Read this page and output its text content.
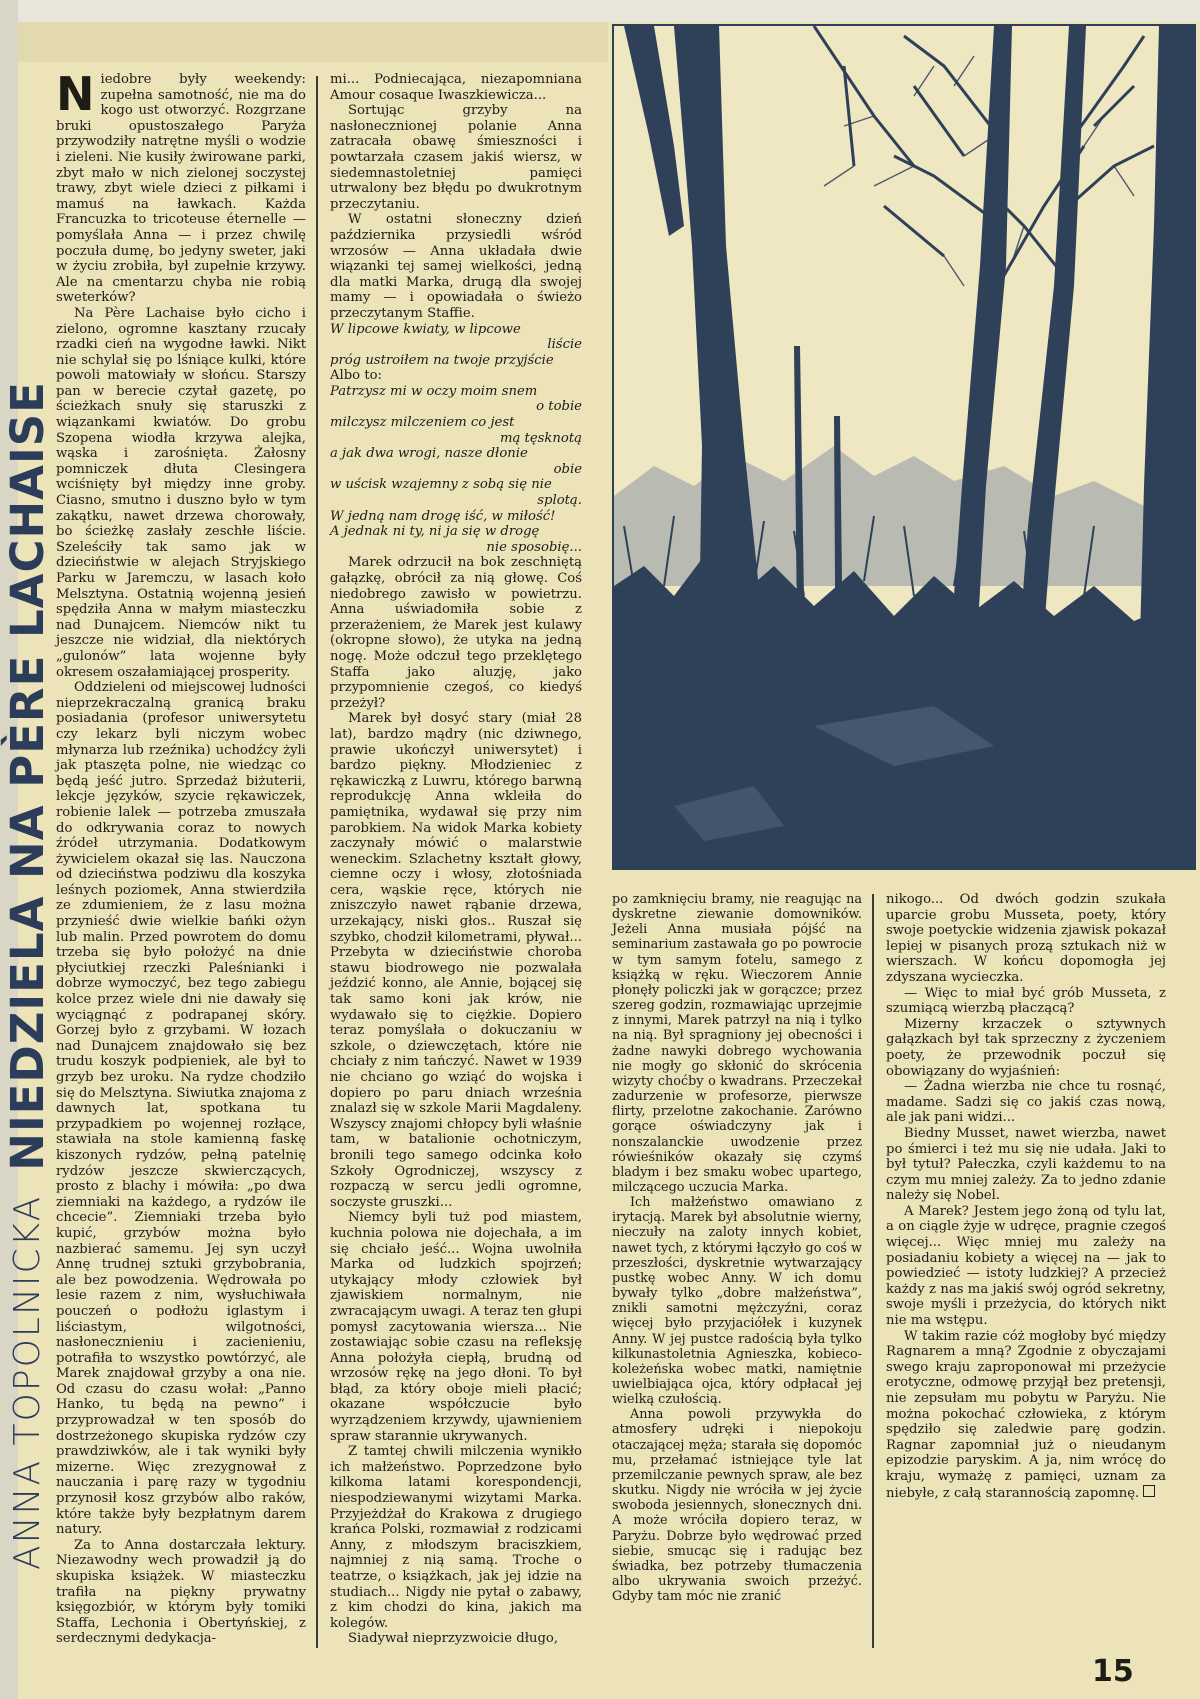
ANNA TOPOLNICKA
NIEDZIELA NA PÈRE LACHAISE

Niedobre były weekendy: zupełna samotność, nie ma do kogo ust otworzyć. Rozgrzane bruki opustoszałego Paryża przywodziły natrętne myśli o wodzie i zieleni. Nie kusiły żwirowane parki, zbyt mało w nich zielonej soczystej trawy, zbyt wiele dzieci z piłkami i mamuś na ławkach. Każda Francuzka to tricoteuse éternelle — pomyślała Anna — i przez chwilę poczuła dumę, bo jedyny sweter, jaki w życiu zrobiła, był zupełnie krzywy. Ale na cmentarzu chyba nie robią sweterków?

Na Père Lachaise było cicho i zielono, ogromne kasztany rzucały rzadki cień na wygodne ławki. Nikt nie schylał się po lśniące kulki, które powoli matowiały w słońcu. Starszy pan w berecie czytał gazetę, po ścieżkach snuły się staruszki z wiązankami kwiatów. Do grobu Szopena wiodła krzywa alejka, wąska i zarośnięta. Żałosny pomniczek dłuta Clesingera wciśnięty był między inne groby. Ciasno, smutno i duszno było w tym zakątku, nawet drzewa chorowały, bo ścieżkę zasłały zeschłe liście. Szeleściły tak samo jak w dzieciństwie w alejach Stryjskiego Parku w Jaremczu, w lasach koło Melsztyna. Ostatnią wojenną jesień spędziła Anna w małym miasteczku nad Dunajcem. Niemców nikt tu jeszcze nie widział, dla niektórych „gulonów” lata wojenne były okresem oszałamiającej prosperity.

Oddzieleni od miejscowej ludności nieprzekraczalną granicą braku posiadania (profesor uniwersytetu czy lekarz byli niczym wobec młynarza lub rzeźnika) uchodźcy żyli jak ptaszęta polne, nie wiedząc co będą jeść jutro. Sprzedaż biżuterii, lekcje języków, szycie rękawiczek, robienie lalek — potrzeba zmuszała do odkrywania coraz to nowych źródeł utrzymania. Dodatkowym żywicielem okazał się las. Nauczona od dzieciństwa podziwu dla koszyka leśnych poziomek, Anna stwierdziła ze zdumieniem, że z lasu można przynieść dwie wielkie bańki ożyn lub malin. Przed powrotem do domu trzeba się było położyć na dnie płyciutkiej rzeczki Paleśnianki i dobrze wymoczyć, bez tego zabiegu kolce przez wiele dni nie dawały się wyciągnąć z podrapanej skóry. Gorzej było z grzybami. W łozach nad Dunajcem znajdowało się bez trudu koszyk podpieniek, ale był to grzyb bez uroku. Na rydze chodziło się do Melsztyna. Siwiutka znajoma z dawnych lat, spotkana tu przypadkiem po wojennej rozłące, stawiała na stole kamienną faskę kiszonych rydzów, pełną patelnię rydzów jeszcze skwierczących, prosto z blachy i mówiła: „po dwa ziemniaki na każdego, a rydzów ile chcecie”. Ziemniaki trzeba było kupić, grzybów można było nazbierać samemu. Jej syn uczył Annę trudnej sztuki grzybobrania, ale bez powodzenia. Wędrowała po lesie razem z nim, wysłuchiwała pouczeń o podłożu iglastym i liściastym, wilgotności, nasłonecznieniu i zacienieniu, potrafiła to wszystko powtórzyć, ale Marek znajdował grzyby a ona nie. Od czasu do czasu wołał: „Panno Hanko, tu będą na pewno” i przyprowadzał w ten sposób do dostrzeżonego skupiska rydzów czy prawdziwków, ale i tak wyniki były mizerne. Więc zrezygnował z nauczania i parę razy w tygodniu przynosił kosz grzybów albo raków, które także były bezpłatnym darem natury.

Za to Anna dostarczała lektury. Niezawodny wech prowadził ją do skupiska książek. W miasteczku trafiła na piękny prywatny księgozbiór, w którym były tomiki Staffa, Lechonia i Obertyńskiej, z serdecznymi dedykacja-

mi... Podniecająca, niezapomniana Amour cosaque Iwaszkiewicza...

Sortując grzyby na nasłonecznionej polanie Anna zatracała obawę śmieszności i powtarzała czasem jakiś wiersz, w siedemnastoletniej pamięci utrwalony bez błędu po dwukrotnym przeczytaniu.

W ostatni słoneczny dzień października przysiedli wśród wrzosów — Anna układała dwie wiązanki tej samej wielkości, jedną dla matki Marka, drugą dla swojej mamy — i opowiadała o świeżo przeczytanym Staffie.

W lipcowe kwiaty, w lipcowe
liście

próg ustroiłem na twoje przyjście

Albo to:

Patrzysz mi w oczy moim snem
o tobie

milczysz milczeniem co jest
mą tęsknotą

a jak dwa wrogi, nasze dłonie
obie

w uścisk wzajemny z sobą się nie
splotą.

W jedną nam drogę iść, w miłość!

A jednak ni ty, ni ja się w drogę
nie sposobię...

Marek odrzucił na bok zeschniętą gałązkę, obrócił za nią głowę. Coś niedobrego zawisło w powietrzu. Anna uświadomiła sobie z przerażeniem, że Marek jest kulawy (okropne słowo), że utyka na jedną nogę. Może odczuł tego przeklętego Staffa jako aluzję, jako przypomnienie czegoś, co kiedyś przeżył?

Marek był dosyć stary (miał 28 lat), bardzo mądry (nic dziwnego, prawie ukończył uniwersytet) i bardzo piękny. Młodzieniec z rękawiczką z Luwru, którego barwną reprodukcję Anna wkleiła do pamiętnika, wydawał się przy nim parobkiem. Na widok Marka kobiety zaczynały mówić o malarstwie weneckim. Szlachetny kształt głowy, ciemne oczy i włosy, złotośniada cera, wąskie ręce, których nie zniszczyło nawet rąbanie drzewa, urzekający, niski głos.. Ruszał się szybko, chodził kilometrami, pływał... Przebyta w dzieciństwie choroba stawu biodrowego nie pozwalała jeździć konno, ale Annie, bojącej się tak samo koni jak krów, nie wydawało się to ciężkie. Dopiero teraz pomyślała o dokuczaniu w szkole, o dziewczętach, które nie chciały z nim tańczyć. Nawet w 1939 nie chciano go wziąć do wojska i dopiero po paru dniach września znalazł się w szkole Marii Magdaleny. Wszyscy znajomi chłopcy byli właśnie tam, w batalionie ochotniczym, bronili tego samego odcinka koło Szkoły Ogrodniczej, wszyscy z rozpaczą w sercu jedli ogromne, soczyste gruszki...

Niemcy byli tuż pod miastem, kuchnia polowa nie dojechała, a im się chciało jeść... Wojna uwolniła Marka od ludzkich spojrzeń; utykający młody człowiek był zjawiskiem normalnym, nie zwracającym uwagi. A teraz ten głupi pomysł zacytowania wiersza... Nie zostawiając sobie czasu na refleksję Anna położyła ciepłą, brudną od wrzosów rękę na jego dłoni. To był błąd, za który oboje mieli płacić; okazane współczucie było wyrządzeniem krzywdy, ujawnieniem spraw starannie ukrywanych.

Z tamtej chwili milczenia wynikło ich małżeństwo. Poprzedzone było kilkoma latami korespondencji, niespodziewanymi wizytami Marka. Przyjeżdżał do Krakowa z drugiego krańca Polski, rozmawiał z rodzicami Anny, z młodszym braciszkiem, najmniej z nią samą. Troche o teatrze, o książkach, jak jej idzie na studiach... Nigdy nie pytał o zabawy, z kim chodzi do kina, jakich ma kolegów.

Siadywał nieprzyzwoicie długo,

po zamknięciu bramy, nie reagując na dyskretne ziewanie domowników. Jeżeli Anna musiała pójść na seminarium zastawała go po powrocie w tym samym fotelu, samego z książką w ręku. Wieczorem Annie płonęły policzki jak w gorączce; przez szereg godzin, rozmawiając uprzejmie z innymi, Marek patrzył na nią i tylko na nią. Był spragniony jej obecności i żadne nawyki dobrego wychowania nie mogły go skłonić do skrócenia wizyty choćby o kwadrans. Przeczekał zadurzenie w profesorze, pierwsze flirty, przelotne zakochanie. Zarówno gorące oświadczyny jak i nonszalanckie uwodzenie przez rówieśników okazały się czymś bladym i bez smaku wobec upartego, milczącego uczucia Marka.

Ich małżeństwo omawiano z irytacją. Marek był absolutnie wierny, nieczuły na zaloty innych kobiet, nawet tych, z którymi łączyło go coś w przeszłości, dyskretnie wytwarzający pustkę wobec Anny. W ich domu bywały tylko „dobre małżeństwa”, znikli samotni mężczyźni, coraz więcej było przyjaciółek i kuzynek Anny. W jej pustce radością była tylko kilkunastoletnia Agnieszka, kobieco-koleżeńska wobec matki, namiętnie uwielbiająca ojca, który odpłacał jej wielką czułością.

Anna powoli przywykła do atmosfery udręki i niepokoju otaczającej męża; starała się dopomóc mu, przełamać istniejące tyle lat przemilczanie pewnych spraw, ale bez skutku. Nigdy nie wróciła w jej życie swoboda jesiennych, słonecznych dni. A może wróciła dopiero teraz, w Paryżu. Dobrze było wędrować przed siebie, smucąc się i radując bez świadka, bez potrzeby tłumaczenia albo ukrywania swoich przeżyć. Gdyby tam móc nie zranić

nikogo... Od dwóch godzin szukała uparcie grobu Musseta, poety, który swoje poetyckie widzenia zjawisk pokazał lepiej w pisanych prozą sztukach niż w wierszach. W końcu dopomogła jej zdyszana wycieczka.

— Więc to miał być grób Musseta, z szumiącą wierzbą płaczącą?

Mizerny krzaczek o sztywnych gałązkach był tak sprzeczny z życzeniem poety, że przewodnik poczuł się obowiązany do wyjaśnień:

— Żadna wierzba nie chce tu rosnąć, madame. Sadzi się co jakiś czas nową, ale jak pani widzi...

Biedny Musset, nawet wierzba, nawet po śmierci i też mu się nie udała. Jaki to był tytuł? Pałeczka, czyli każdemu to na czym mu mniej zależy. Za to jedno zdanie należy się Nobel.

A Marek? Jestem jego żoną od tylu lat, a on ciągle żyje w udręce, pragnie czegoś więcej... Więc mniej mu zależy na posiadaniu kobiety a więcej na — jak to powiedzieć — istoty ludzkiej? A przecież każdy z nas ma jakiś swój ogród sekretny, swoje myśli i przeżycia, do których nikt nie ma wstępu.

W takim razie cóż mogłoby być między Ragnarem a mną? Zgodnie z obyczajami swego kraju zaproponował mi przeżycie erotyczne, odmowę przyjął bez pretensji, nie zepsułam mu pobytu w Paryżu. Nie można pokochać człowieka, z którym spędziło się zaledwie parę godzin. Ragnar zapomniał już o nieudanym epizodzie paryskim. A ja, nim wrócę do kraju, wymażę z pamięci, uznam za niebyłe, z całą starannością zapomnę.

15
